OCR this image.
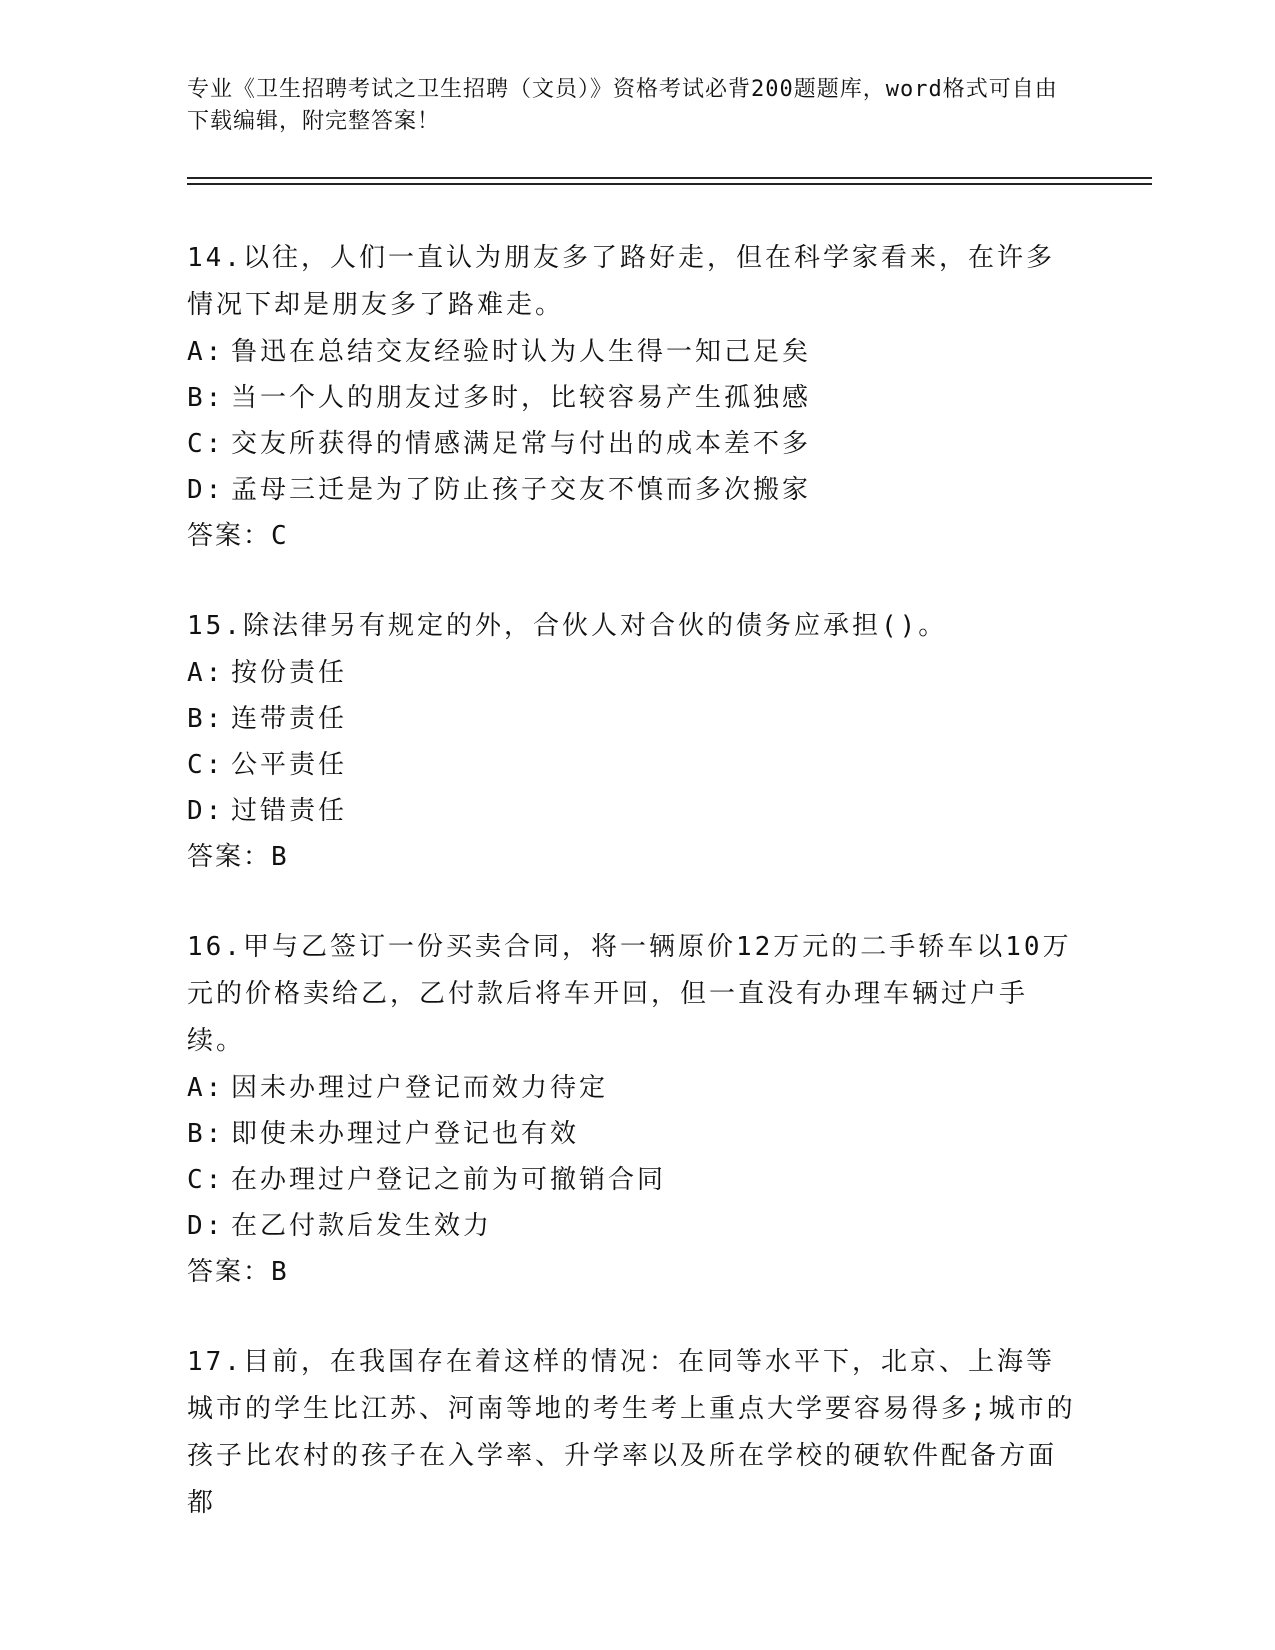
专业《卫生招聘考试之卫生招聘（文员）》资格考试必背200题题库，word格式可自由下载编辑，附完整答案！

14.以往，人们一直认为朋友多了路好走，但在科学家看来，在许多情况下却是朋友多了路难走。

A: 鲁迅在总结交友经验时认为人生得一知己足矣
B: 当一个人的朋友过多时，比较容易产生孤独感
C: 交友所获得的情感满足常与付出的成本差不多
D: 孟母三迁是为了防止孩子交友不慎而多次搬家

答案：C

15.除法律另有规定的外，合伙人对合伙的债务应承担()。

A: 按份责任
B: 连带责任
C: 公平责任
D: 过错责任

答案：B

16.甲与乙签订一份买卖合同，将一辆原价12万元的二手轿车以10万元的价格卖给乙，乙付款后将车开回，但一直没有办理车辆过户手续。

A: 因未办理过户登记而效力待定
B: 即使未办理过户登记也有效
C: 在办理过户登记之前为可撤销合同
D: 在乙付款后发生效力

答案：B

17.目前，在我国存在着这样的情况：在同等水平下，北京、上海等城市的学生比江苏、河南等地的考生考上重点大学要容易得多;城市的孩子比农村的孩子在入学率、升学率以及所在学校的硬软件配备方面都
